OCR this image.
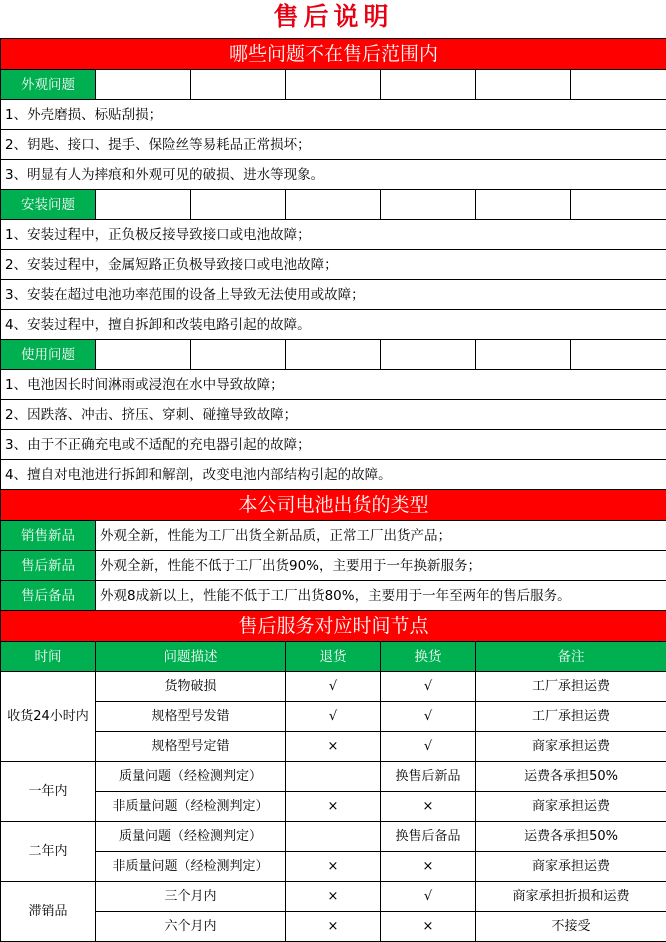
售后说明						
哪些问题不在售后范围内						
外观问题						
1、外壳磨损、标贴刮损；						
2、钥匙、接口、提手、保险丝等易耗品正常损坏；						
3、明显有人为摔痕和外观可见的破损、进水等现象。						
安装问题						
1、安装过程中，正负极反接导致接口或电池故障；						
2、安装过程中，金属短路正负极导致接口或电池故障；						
3、安装在超过电池功率范围的设备上导致无法使用或故障；						
4、安装过程中，擅自拆卸和改装电路引起的故障。						
使用问题						
1、电池因长时间淋雨或浸泡在水中导致故障；						
2、因跌落、冲击、挤压、穿刺、碰撞导致故障；						
3、由于不正确充电或不适配的充电器引起的故障；						
4、擅自对电池进行拆卸和解剖，改变电池内部结构引起的故障。						
本公司电池出货的类型						
销售新品	外观全新，性能为工厂出货全新品质，正常工厂出货产品；					
售后新品	外观全新，性能不低于工厂出货90%，主要用于一年换新服务；					
售后备品	外观8成新以上，性能不低于工厂出货80%，主要用于一年至两年的售后服务。					
售后服务对应时间节点						
时间	问题描述		退货	换货	备注	
收货24小时内	货物破损		√	√	工厂承担运费	
	规格型号发错		√	√	工厂承担运费	
	规格型号定错		×	√	商家承担运费	
一年内	质量问题（经检测判定）			换售后新品	运费各承担50%	
	非质量问题（经检测判定）		×	×	商家承担运费	
二年内	质量问题（经检测判定）			换售后备品	运费各承担50%	
	非质量问题（经检测判定）		×	×	商家承担运费	
滞销品	三个月内		×	√	商家承担折损和运费	
	六个月内		×	×	不接受	
